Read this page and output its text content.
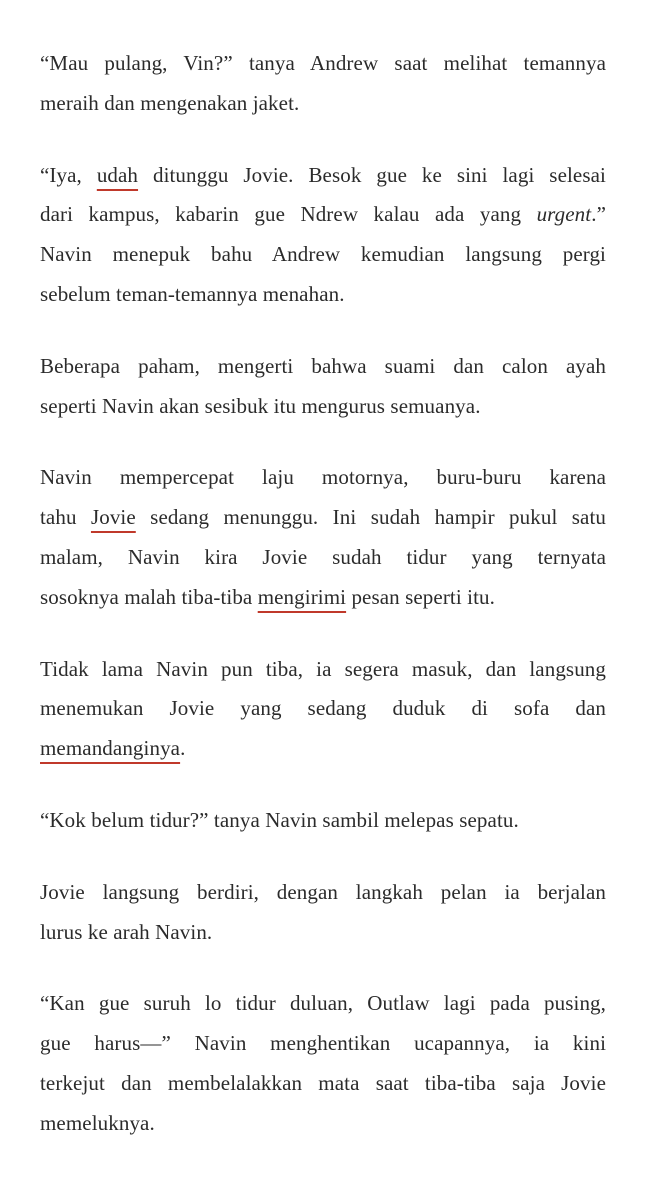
“Mau pulang, Vin?” tanya Andrew saat melihat temannya
meraih dan mengenakan jaket.
“Iya, udah ditunggu Jovie. Besok gue ke sini lagi selesai
dari kampus, kabarin gue Ndrew kalau ada yang urgent.”
Navin menepuk bahu Andrew kemudian langsung pergi
sebelum teman-temannya menahan.
Beberapa paham, mengerti bahwa suami dan calon ayah
seperti Navin akan sesibuk itu mengurus semuanya.
Navin mempercepat laju motornya, buru-buru karena
tahu Jovie sedang menunggu. Ini sudah hampir pukul satu
malam, Navin kira Jovie sudah tidur yang ternyata
sosoknya malah tiba-tiba mengirimi pesan seperti itu.
Tidak lama Navin pun tiba, ia segera masuk, dan langsung
menemukan Jovie yang sedang duduk di sofa dan
memandanginya.
“Kok belum tidur?” tanya Navin sambil melepas sepatu.
Jovie langsung berdiri, dengan langkah pelan ia berjalan
lurus ke arah Navin.
“Kan gue suruh lo tidur duluan, Outlaw lagi pada pusing,
gue harus—” Navin menghentikan ucapannya, ia kini
terkejut dan membelalakkan mata saat tiba-tiba saja Jovie
memeluknya.
